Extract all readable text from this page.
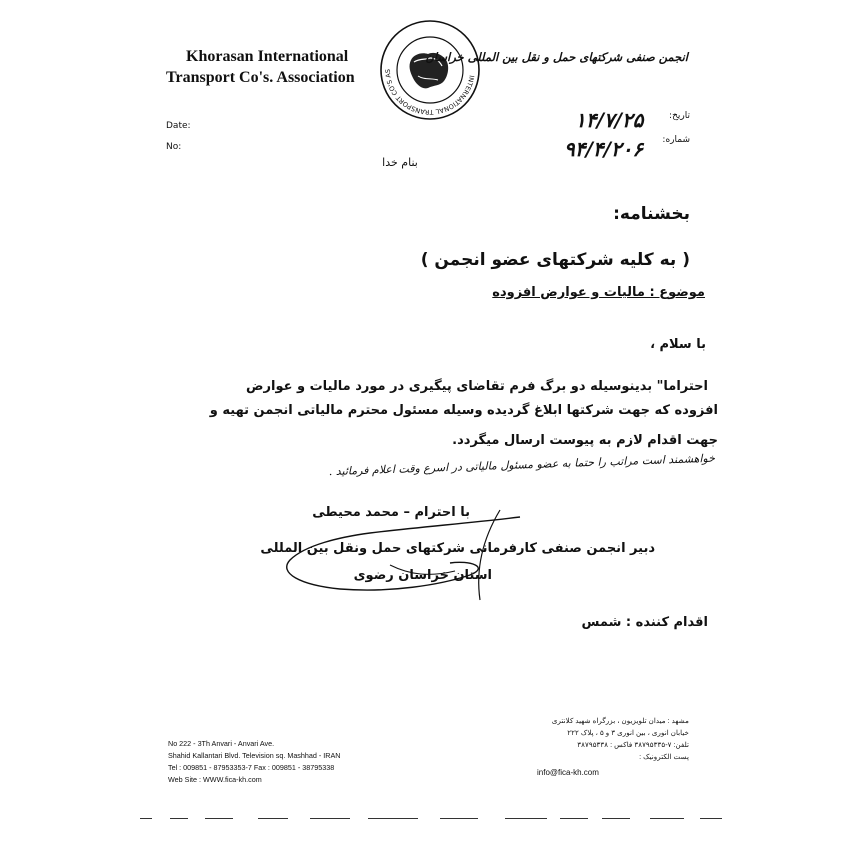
Khorasan International
Transport Co's. Association	INTERNATIONAL TRANSPORT CO'S AS
انجمن صنفی شرکتهای حمل و نقل بین المللی خراسان
Date:
No:
تاریخ:
شماره:
۱۴/۷/۲۵
۹۴/۴/۲۰۶
بنام خدا
بخشنامه:
( به کلیه شرکتهای عضو انجمن )
موضوع : مالیات و عوارض افزوده
با سلام ،
احتراما" بدینوسیله دو برگ فرم تقاضای پیگیری در مورد مالیات و عوارض
افزوده که جهت شرکتها ابلاغ گردیده وسیله مسئول محترم مالیاتی انجمن تهیه و
جهت اقدام لازم به پیوست ارسال میگردد.
خواهشمند است مراتب را حتما به عضو مسئول مالیاتی در اسرع وقت اعلام فرمائید .
با احترام – محمد محیطی
دبیر انجمن صنفی کارفرمانی شرکتهای حمل ونقل بین المللی
استان خراسان رضوی
اقدام کننده : شمس
No 222 - 3Th Anvari - Anvari Ave.
Shahid Kallantari Blvd. Television sq. Mashhad - IRAN
Tel : 009851 - 87953353-7 Fax : 009851 - 38795338
Web Site : WWW.fica-kh.com
مشهد : میدان تلویزیون ، بزرگراه شهید کلانتری
خیابان انوری ، بین انوری ۳ و ۵ ، پلاک ۲۲۲
تلفن: ۷-۳۸۷۹۵۳۳۵ فاکس : ۳۸۷۹۵۳۳۸
پست الکترونیک :
info@fica-kh.com
